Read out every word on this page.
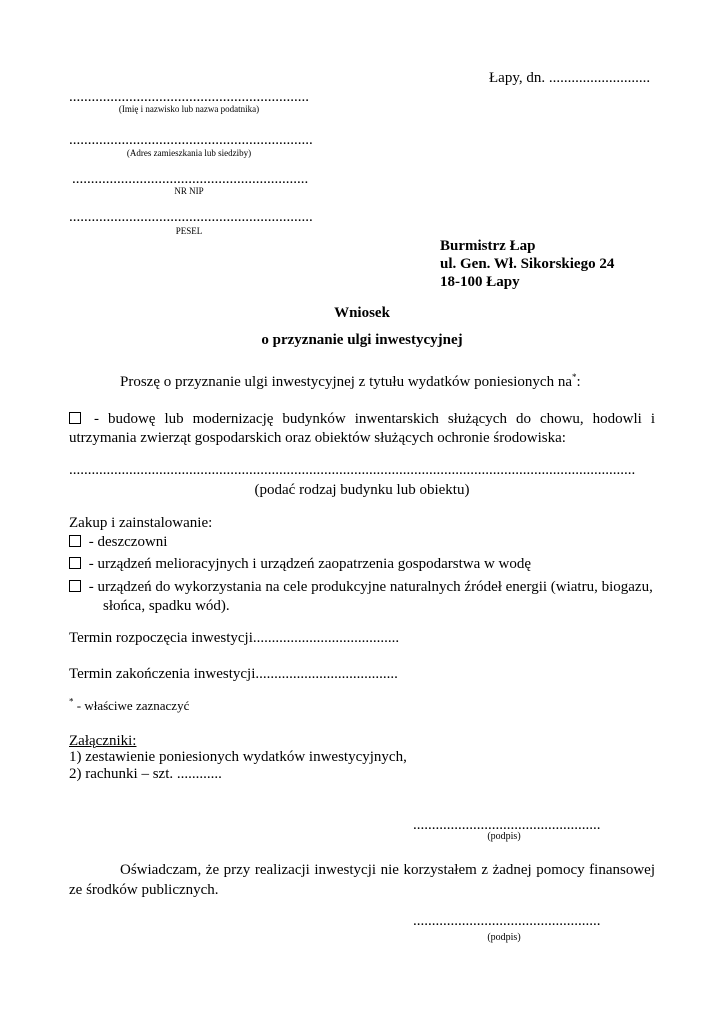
Łapy, dn. ...........................
................................................................
(Imię i nazwisko lub nazwa podatnika)
.................................................................
(Adres zamieszkania lub siedziby)
...............................................................
NR NIP
.................................................................
PESEL
Burmistrz Łap
ul. Gen. Wł. Sikorskiego 24
18-100 Łapy
Wniosek
o przyznanie ulgi inwestycyjnej
Proszę o przyznanie ulgi inwestycyjnej z tytułu wydatków poniesionych na*:
- budowę lub modernizację budynków inwentarskich służących do chowu, hodowli i utrzymania zwierząt gospodarskich oraz obiektów służących ochronie środowiska:
.......................................................................................................................................................
(podać rodzaj budynku lub obiektu)
Zakup i zainstalowanie:
- deszczowni
- urządzeń melioracyjnych i urządzeń zaopatrzenia gospodarstwa w wodę
- urządzeń do wykorzystania na cele produkcyjne naturalnych źródeł energii (wiatru, biogazu,
słońca, spadku wód).
Termin rozpoczęcia inwestycji.......................................
Termin zakończenia inwestycji......................................
* - właściwe zaznaczyć
Załączniki:
1) zestawienie poniesionych wydatków inwestycyjnych,
2) rachunki – szt. ............
..................................................
(podpis)
Oświadczam, że przy realizacji inwestycji nie korzystałem z żadnej pomocy finansowej ze środków publicznych.
..................................................
(podpis)
